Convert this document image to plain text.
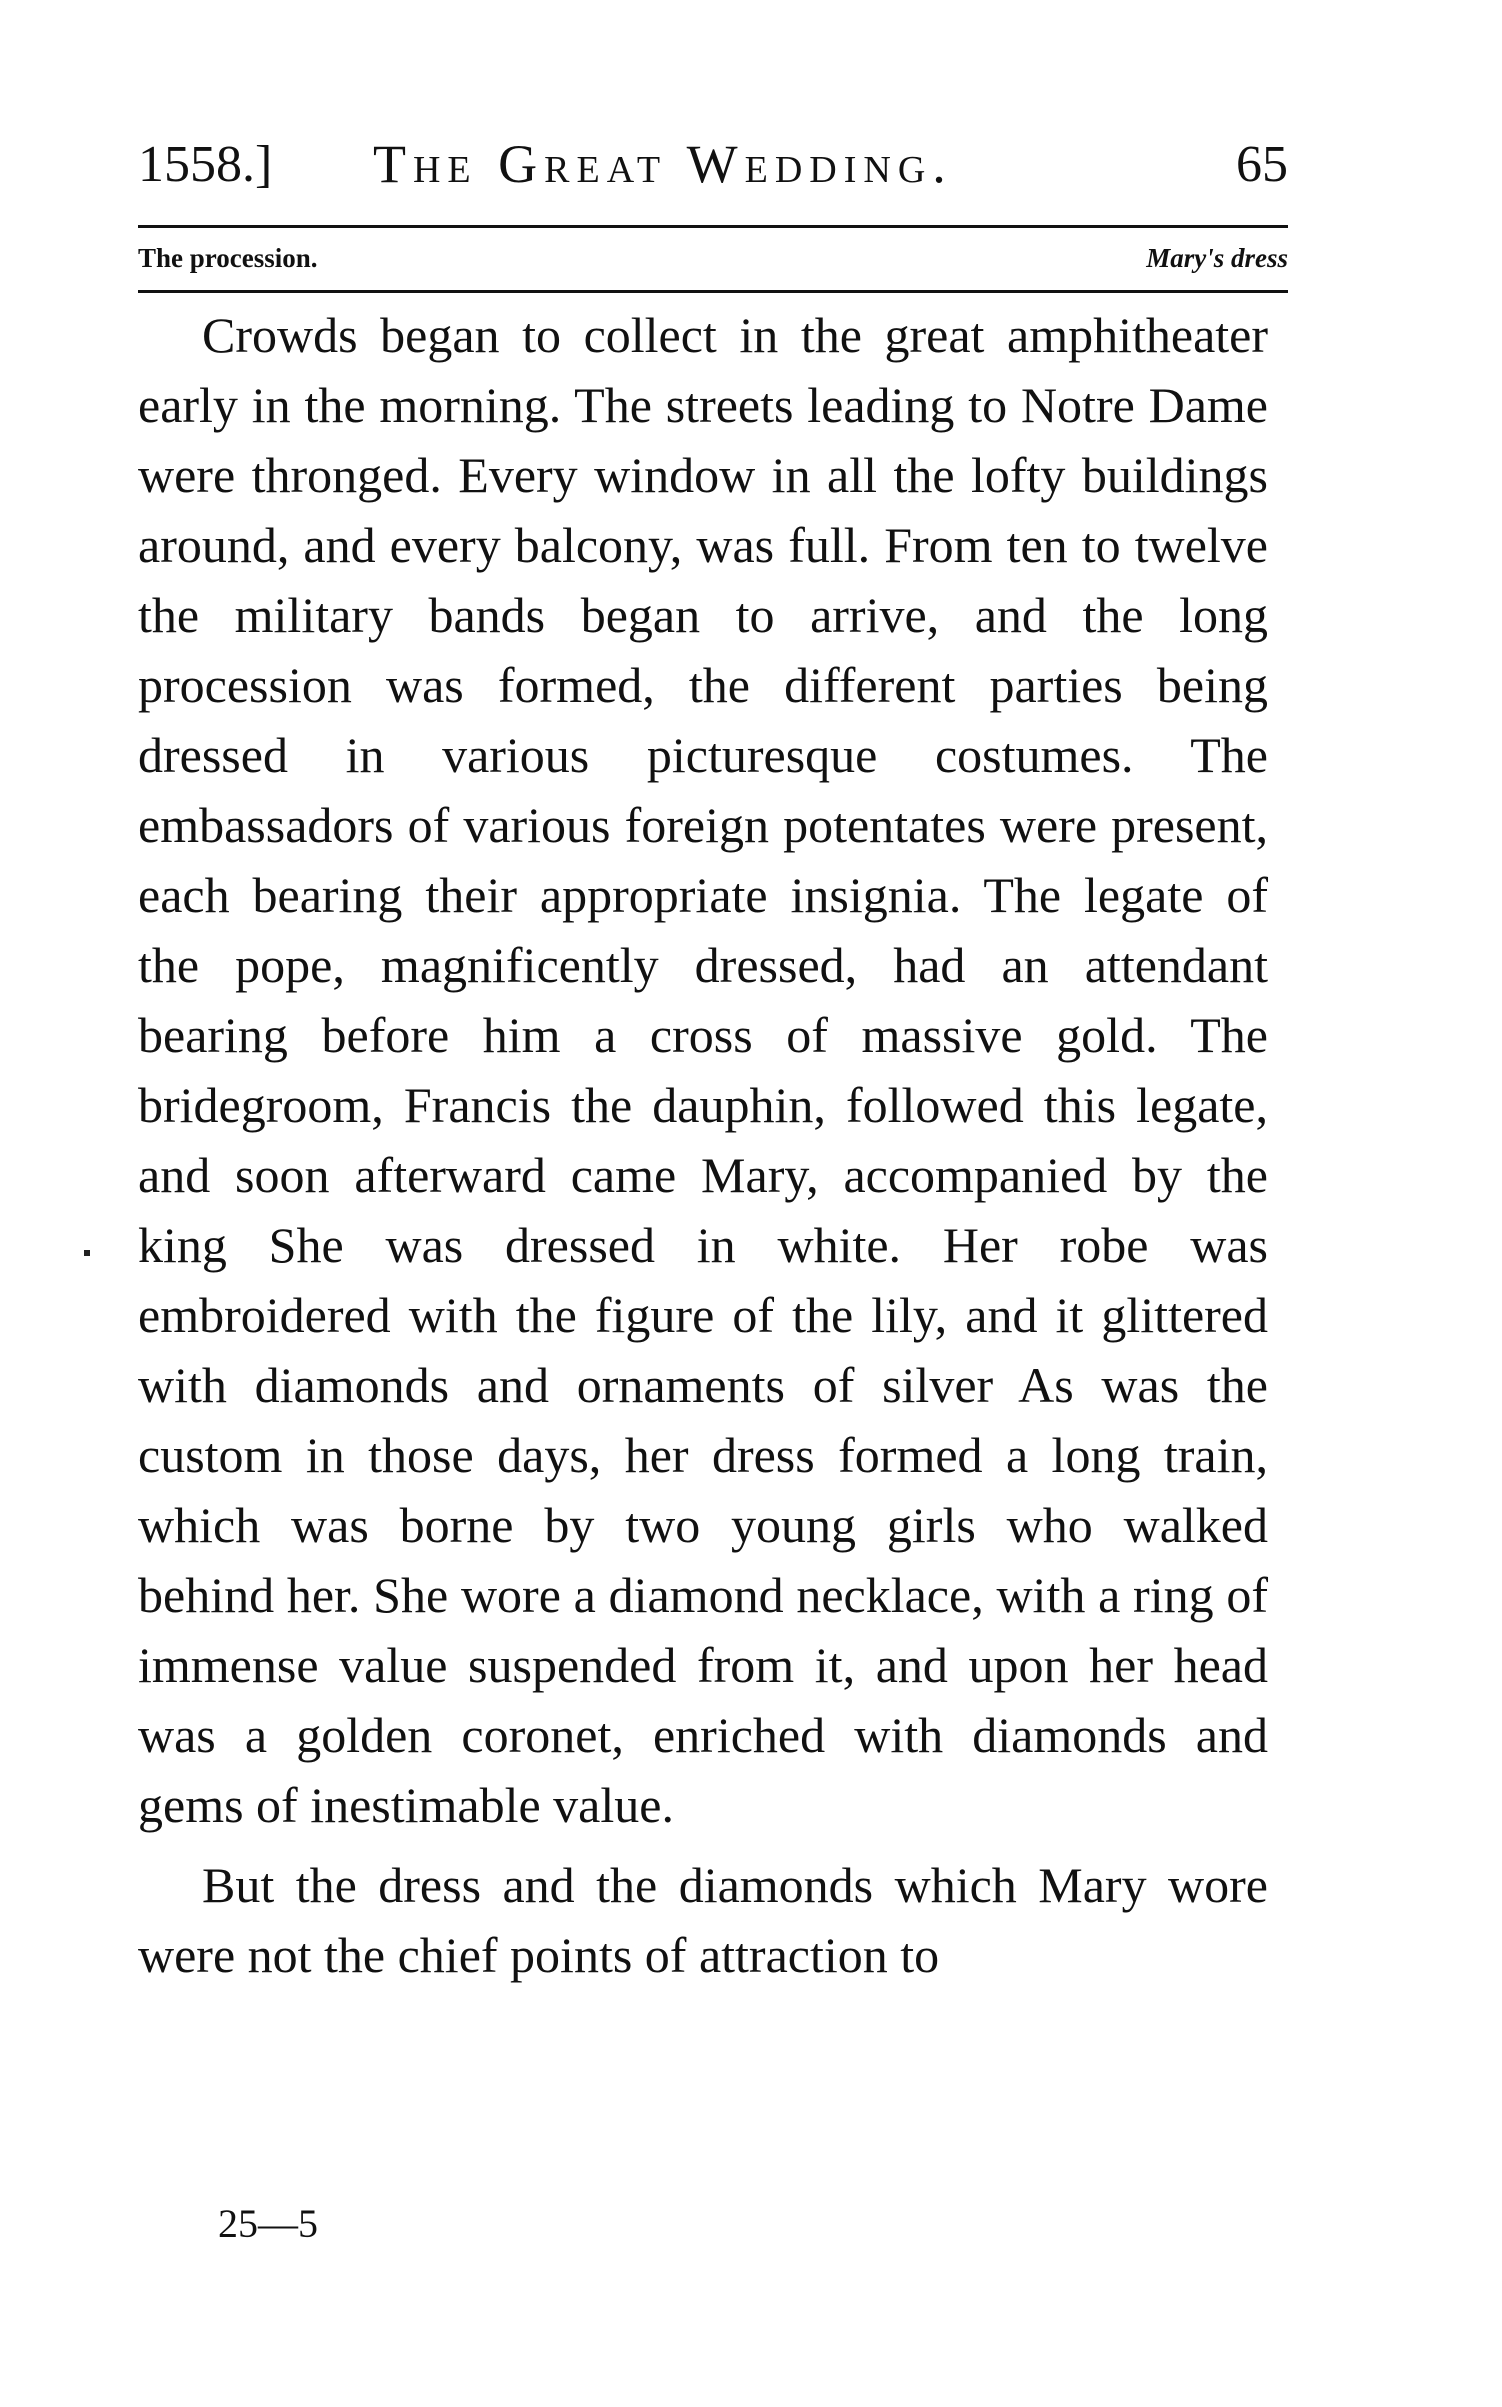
1558.] The Great Wedding.	65
The procession.	Mary's dress

Crowds began to collect in the great amphitheater early in the morning. The streets leading to Notre Dame were thronged. Every window in all the lofty buildings around, and every balcony, was full. From ten to twelve the military bands began to arrive, and the long procession was formed, the different parties being dressed in various picturesque costumes. The embassadors of various foreign potentates were present, each bearing their appropriate insignia. The legate of the pope, magnificently dressed, had an attendant bearing before him a cross of massive gold. The bridegroom, Francis the dauphin, followed this legate, and soon afterward came Mary, accompanied by the king She was dressed in white. Her robe was embroidered with the figure of the lily, and it glittered with diamonds and ornaments of silver As was the custom in those days, her dress formed a long train, which was borne by two young girls who walked behind her. She wore a diamond necklace, with a ring of immense value suspended from it, and upon her head was a golden coronet, enriched with diamonds and gems of inestimable value.

But the dress and the diamonds which Mary wore were not the chief points of attraction to

25—5
